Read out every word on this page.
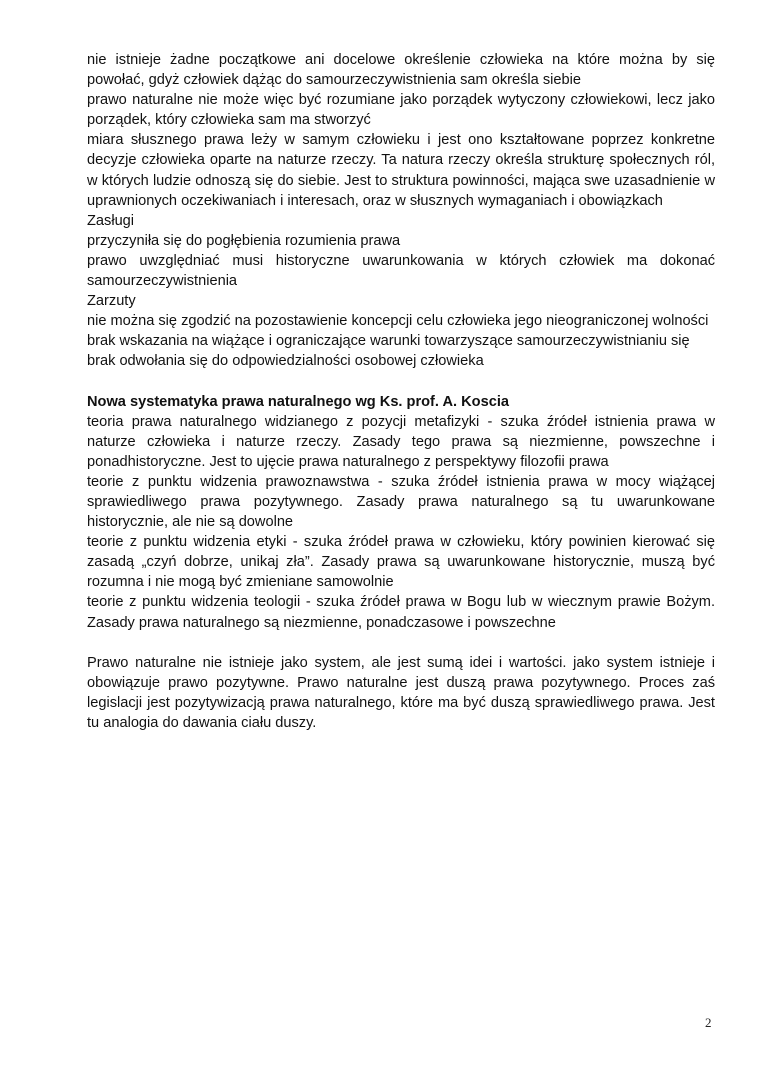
nie istnieje żadne początkowe ani docelowe określenie człowieka na które można by się powołać, gdyż człowiek dążąc do samourzeczywistnienia sam określa siebie

prawo naturalne nie może więc być rozumiane jako porządek wytyczony człowiekowi, lecz jako porządek, który człowieka sam ma stworzyć

miara słusznego prawa leży w samym człowieku i jest ono kształtowane poprzez konkretne decyzje człowieka oparte na naturze rzeczy. Ta natura rzeczy określa strukturę społecznych ról, w których ludzie odnoszą się do siebie. Jest to struktura powinności, mająca swe uzasadnienie w uprawnionych oczekiwaniach i interesach, oraz w słusznych wymaganiach i obowiązkach

Zasługi

przyczyniła się do pogłębienia rozumienia prawa

prawo uwzględniać musi historyczne uwarunkowania w których człowiek ma dokonać samourzeczywistnienia

Zarzuty

nie można się zgodzić na pozostawienie koncepcji celu człowieka jego nieograniczonej wolności

brak wskazania na wiążące i ograniczające warunki towarzyszące samourzeczywistnianiu się

brak odwołania się do odpowiedzialności osobowej człowieka

Nowa systematyka prawa naturalnego wg Ks. prof. A. Koscia

teoria prawa naturalnego widzianego z pozycji metafizyki - szuka źródeł istnienia prawa w naturze człowieka i naturze rzeczy. Zasady tego prawa są niezmienne, powszechne i ponadhistoryczne. Jest to ujęcie prawa naturalnego z perspektywy filozofii prawa

teorie z punktu widzenia prawoznawstwa - szuka źródeł istnienia prawa w mocy wiążącej sprawiedliwego prawa pozytywnego. Zasady prawa naturalnego są tu uwarunkowane historycznie, ale nie są dowolne

teorie z punktu widzenia etyki - szuka źródeł prawa w człowieku, który powinien kierować się zasadą „czyń dobrze, unikaj zła”. Zasady prawa są uwarunkowane historycznie, muszą być rozumna i nie mogą być zmieniane samowolnie

teorie z punktu widzenia teologii - szuka źródeł prawa w Bogu lub w wiecznym prawie Bożym. Zasady prawa naturalnego są niezmienne, ponadczasowe i powszechne

Prawo naturalne nie istnieje jako system, ale jest sumą idei i wartości. jako system istnieje i obowiązuje prawo pozytywne. Prawo naturalne jest duszą prawa pozytywnego. Proces zaś legislacji jest pozytywizacją prawa naturalnego, które ma być duszą sprawiedliwego prawa. Jest tu analogia do dawania ciału duszy.

2
